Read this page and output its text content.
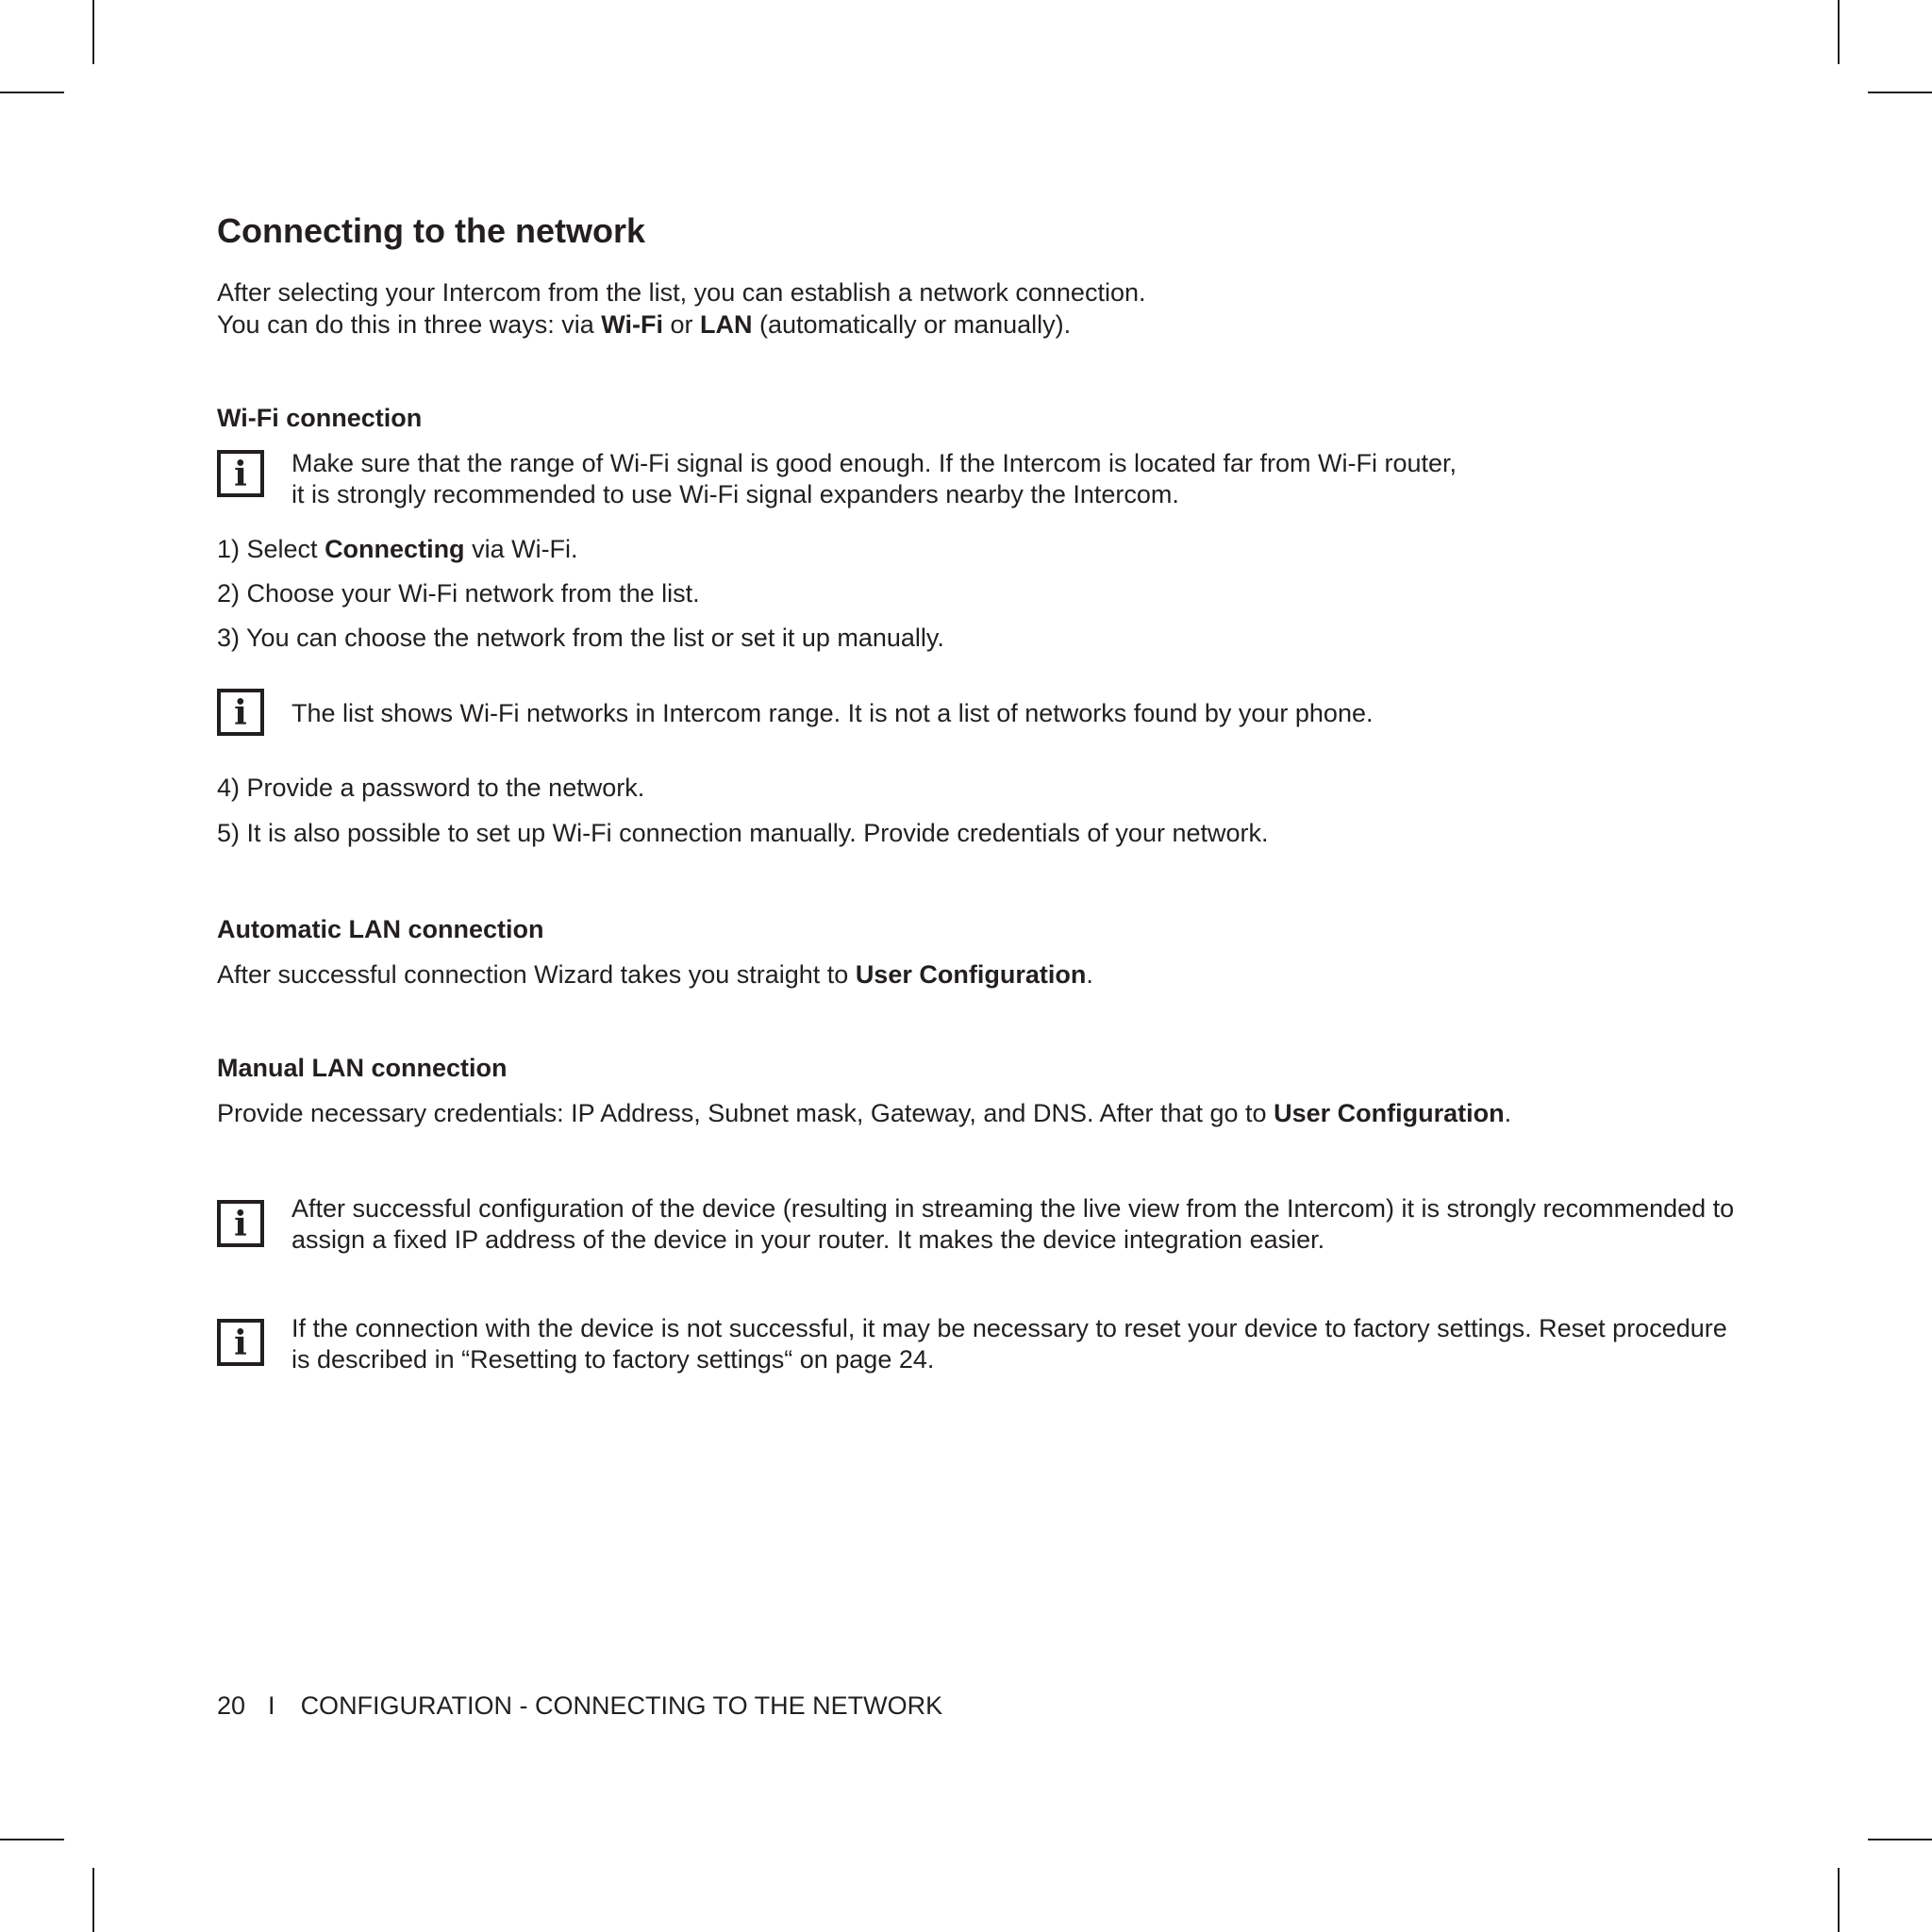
Connecting to the network
After selecting your Intercom from the list, you can establish a network connection.
You can do this in three ways: via Wi-Fi or LAN (automatically or manually).
Wi-Fi connection
i	Make sure that the range of Wi-Fi signal is good enough. If the Intercom is located far from Wi-Fi router,
it is strongly recommended to use Wi-Fi signal expanders nearby the Intercom.
1) Select Connecting via Wi-Fi.
2) Choose your Wi-Fi network from the list.
3) You can choose the network from the list or set it up manually.
i	The list shows Wi-Fi networks in Intercom range. It is not a list of networks found by your phone.
4) Provide a password to the network.
5) It is also possible to set up Wi-Fi connection manually. Provide credentials of your network.
Automatic LAN connection
After successful connection Wizard takes you straight to User Configuration.
Manual LAN connection
Provide necessary credentials: IP Address, Subnet mask, Gateway, and DNS. After that go to User Configuration.
i	After successful configuration of the device (resulting in streaming the live view from the Intercom) it is strongly recommended to assign a fixed IP address of the device in your router. It makes the device integration easier.
i	If the connection with the device is not successful, it may be necessary to reset your device to factory settings. Reset procedure is described in “Resetting to factory settings“ on page 24.
20 I CONFIGURATION - CONNECTING TO THE NETWORK
